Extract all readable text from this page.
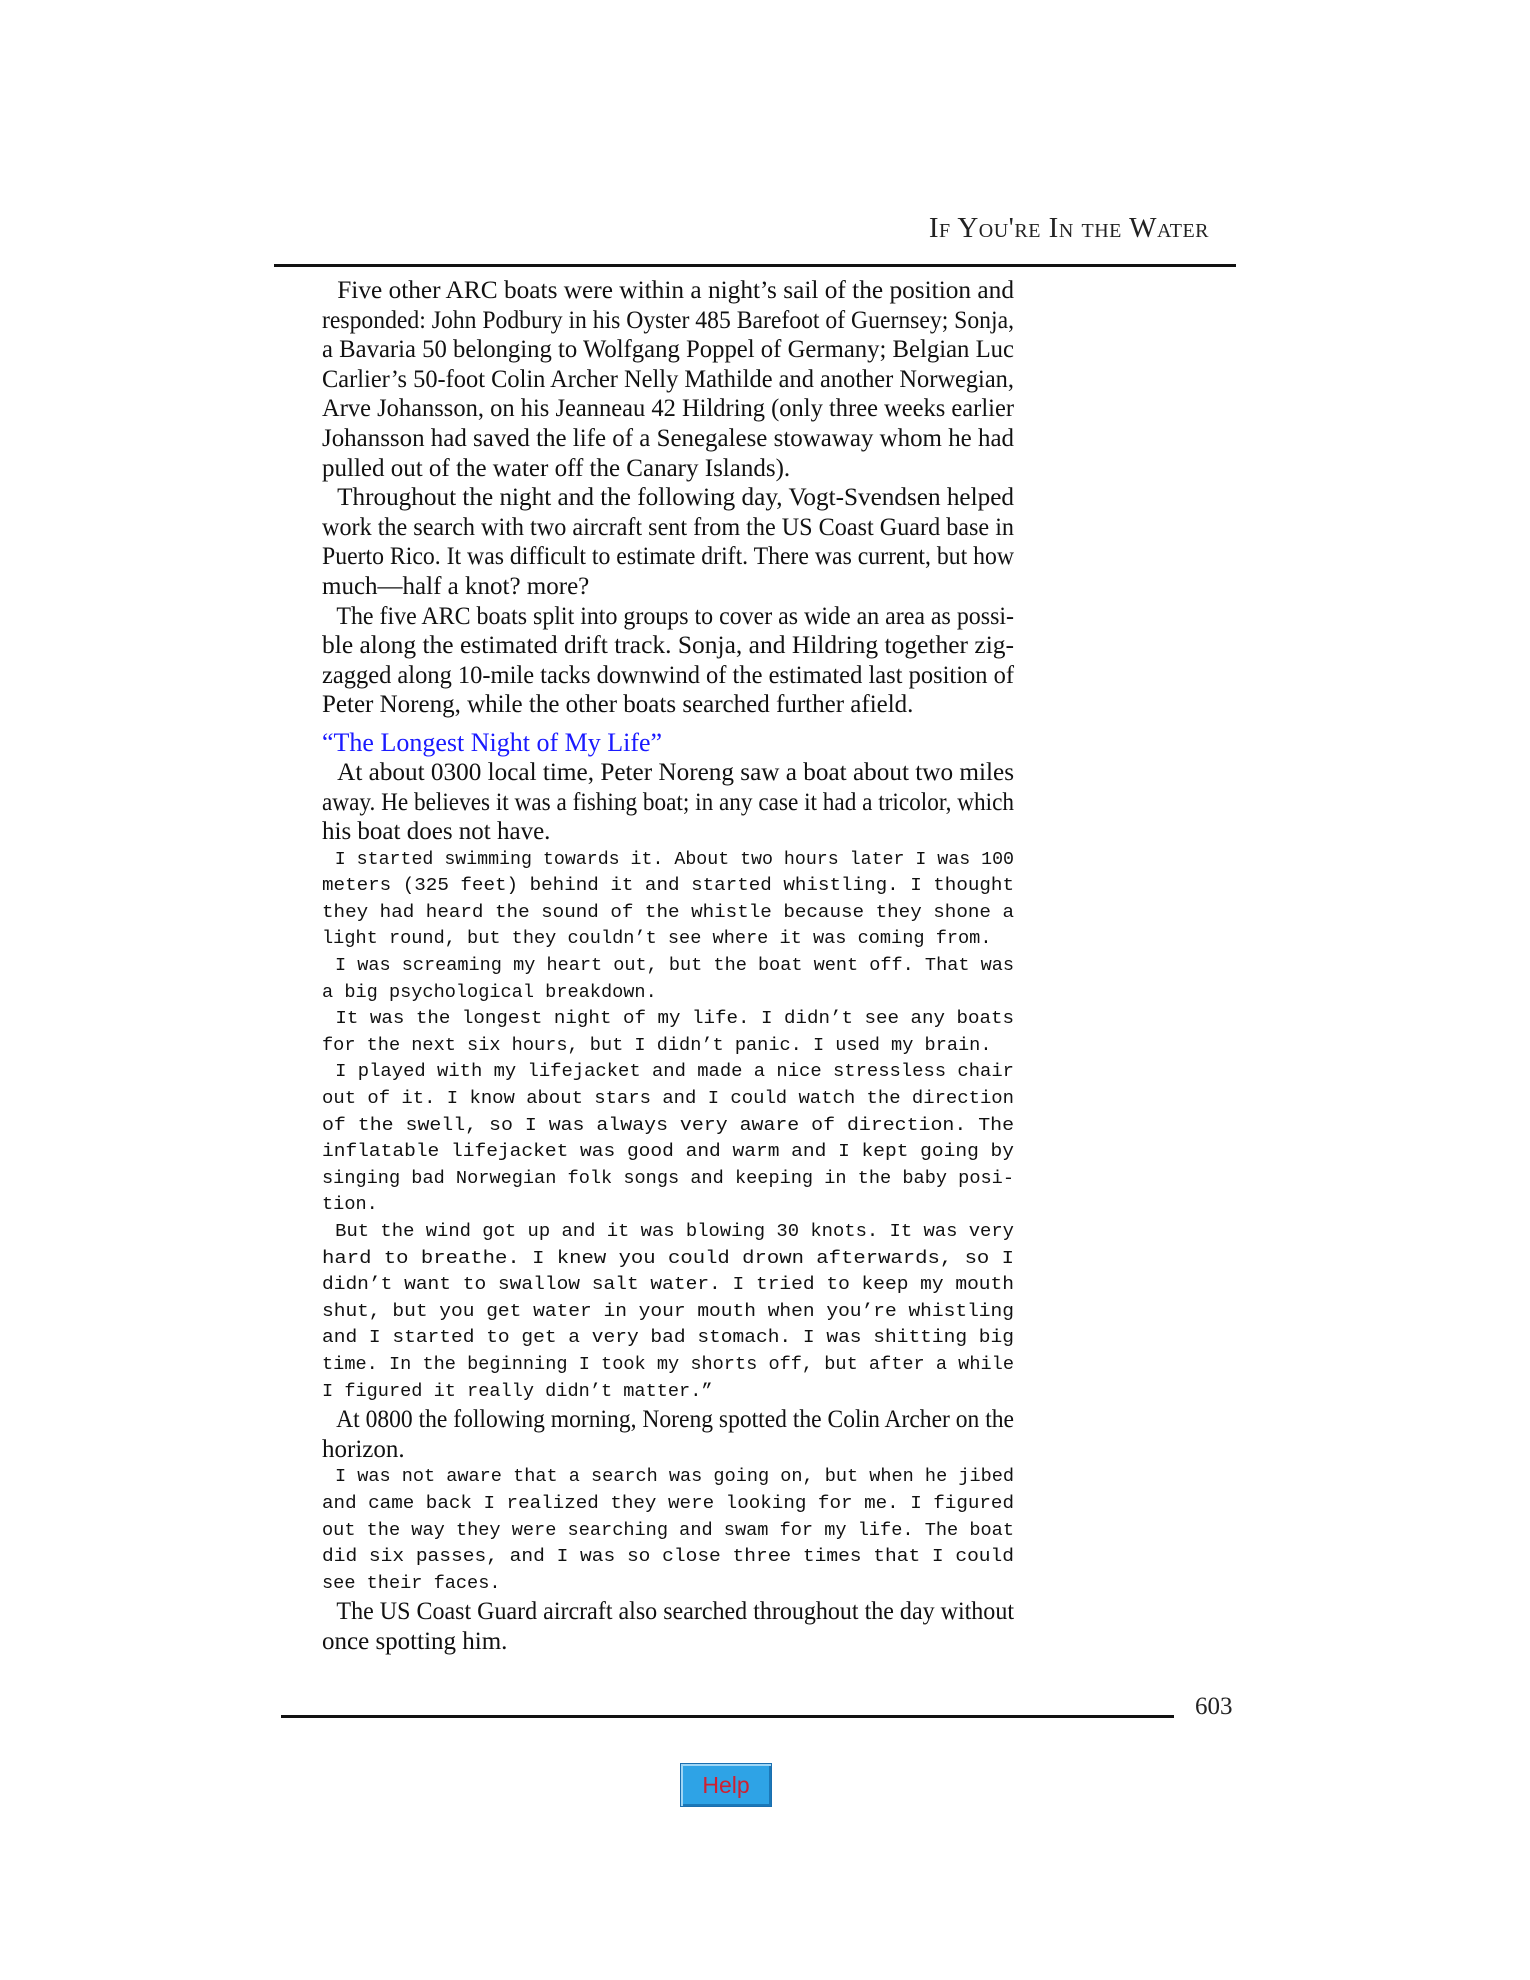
If You're In the Water
Five other ARC boats were within a night’s sail of the position and
responded: John Podbury in his Oyster 485 Barefoot of Guernsey; Sonja,
a Bavaria 50 belonging to Wolfgang Poppel of Germany; Belgian Luc
Carlier’s 50-foot Colin Archer Nelly Mathilde and another Norwegian,
Arve Johansson, on his Jeanneau 42 Hildring (only three weeks earlier
Johansson had saved the life of a Senegalese stowaway whom he had
pulled out of the water off the Canary Islands).
Throughout the night and the following day, Vogt-Svendsen helped
work the search with two aircraft sent from the US Coast Guard base in
Puerto Rico. It was difficult to estimate drift. There was current, but how
much—half a knot? more?
The five ARC boats split into groups to cover as wide an area as possi-
ble along the estimated drift track. Sonja, and Hildring together zig-
zagged along 10-mile tacks downwind of the estimated last position of
Peter Noreng, while the other boats searched further afield.
“The Longest Night of My Life”
At about 0300 local time, Peter Noreng saw a boat about two miles
away. He believes it was a fishing boat; in any case it had a tricolor, which
his boat does not have.
I started swimming towards it. About two hours later I was 100
meters (325 feet) behind it and started whistling. I thought
they had heard the sound of the whistle because they shone a
light round, but they couldn’t see where it was coming from.
I was screaming my heart out, but the boat went off. That was
a big psychological breakdown.
It was the longest night of my life. I didn’t see any boats
for the next six hours, but I didn’t panic. I used my brain.
I played with my lifejacket and made a nice stressless chair
out of it. I know about stars and I could watch the direction
of the swell, so I was always very aware of direction. The
inflatable lifejacket was good and warm and I kept going by
singing bad Norwegian folk songs and keeping in the baby posi-
tion.
But the wind got up and it was blowing 30 knots. It was very
hard to breathe. I knew you could drown afterwards, so I
didn’t want to swallow salt water. I tried to keep my mouth
shut, but you get water in your mouth when you’re whistling
and I started to get a very bad stomach. I was shitting big
time. In the beginning I took my shorts off, but after a while
I figured it really didn’t matter.”
At 0800 the following morning, Noreng spotted the Colin Archer on the
horizon.
I was not aware that a search was going on, but when he jibed
and came back I realized they were looking for me. I figured
out the way they were searching and swam for my life. The boat
did six passes, and I was so close three times that I could
see their faces.
The US Coast Guard aircraft also searched throughout the day without
once spotting him.
603
Help
